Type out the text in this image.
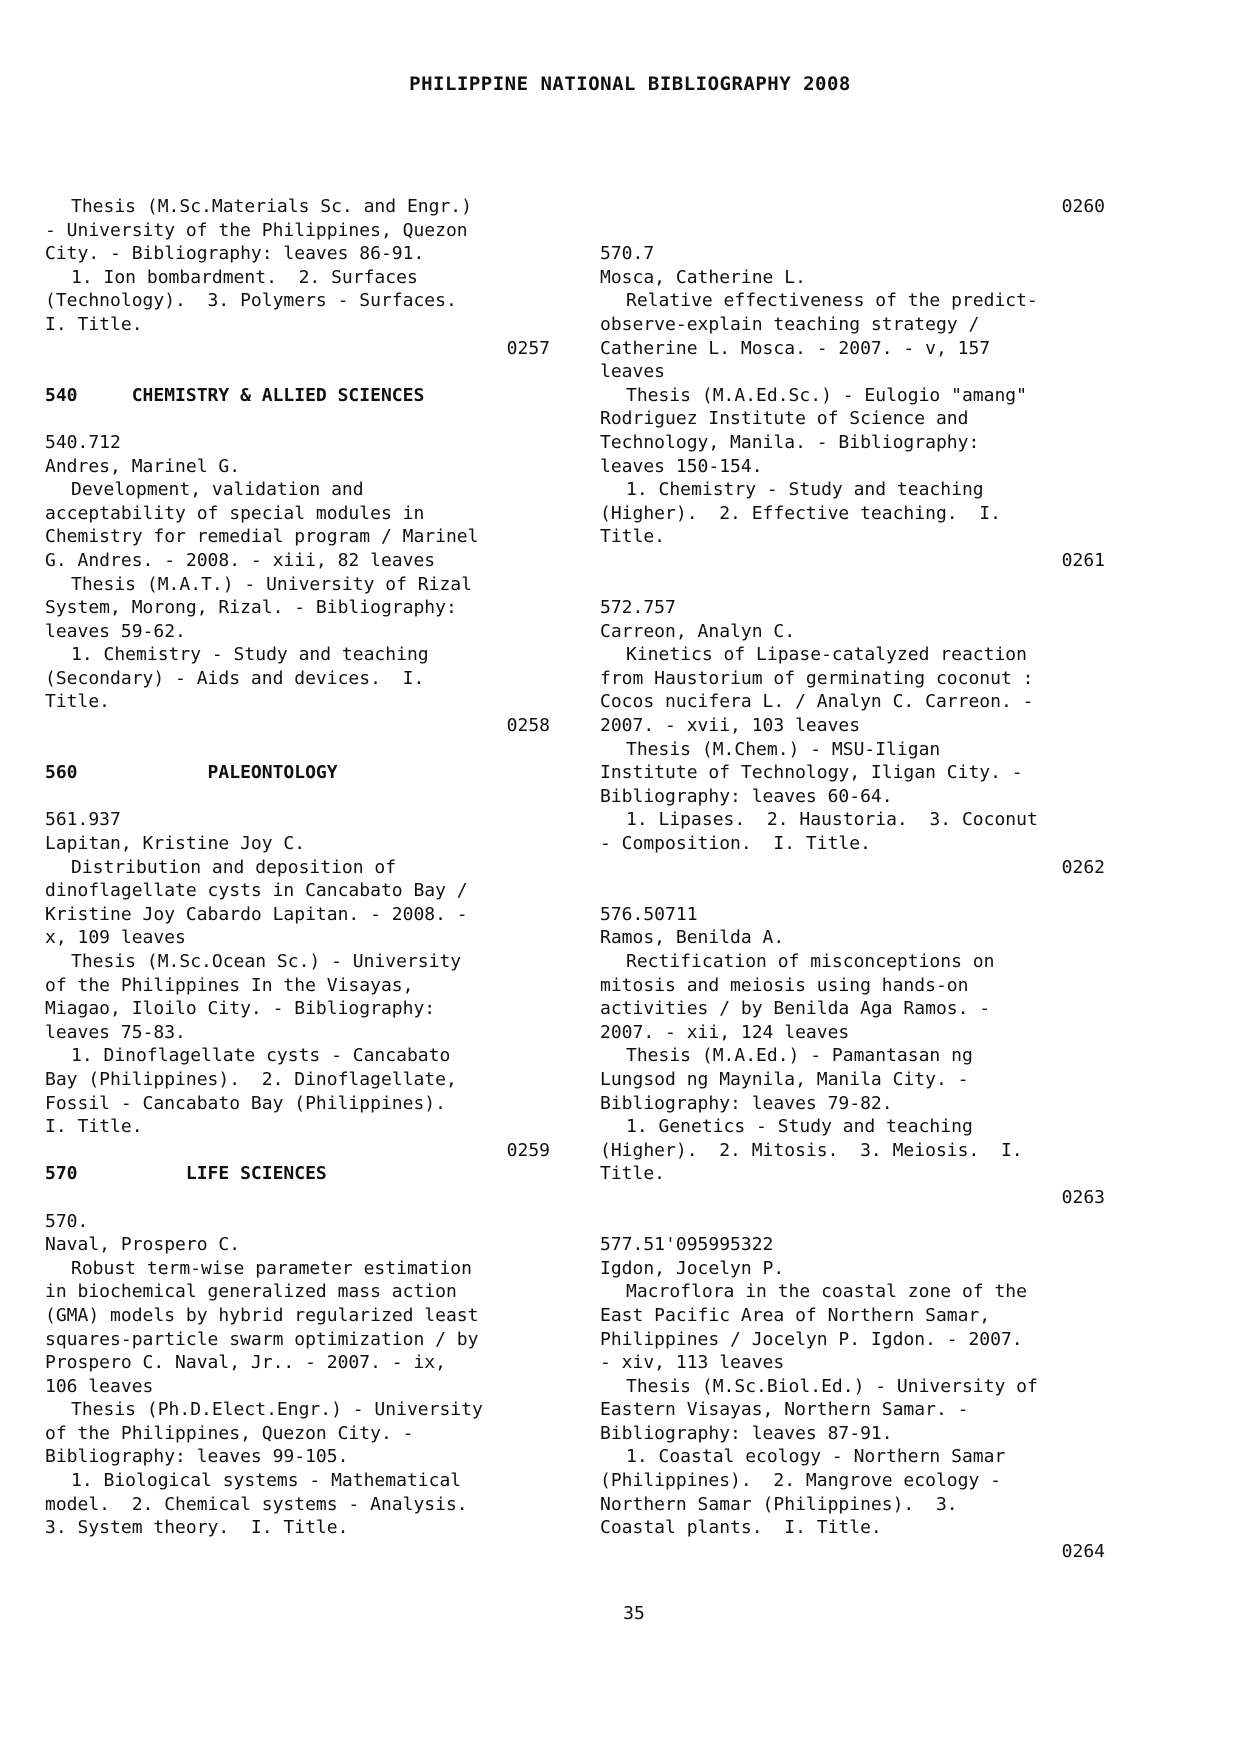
PHILIPPINE NATIONAL BIBLIOGRAPHY 2008
Thesis (M.Sc.Materials Sc. and Engr.)
- University of the Philippines, Quezon
City. - Bibliography: leaves 86-91.
1. Ion bombardment.  2. Surfaces
(Technology).  3. Polymers - Surfaces.
I. Title.
0257
540     CHEMISTRY & ALLIED SCIENCES
540.712
Andres, Marinel G.
Development, validation and
acceptability of special modules in
Chemistry for remedial program / Marinel
G. Andres. - 2008. - xiii, 82 leaves
Thesis (M.A.T.) - University of Rizal
System, Morong, Rizal. - Bibliography:
leaves 59-62.
1. Chemistry - Study and teaching
(Secondary) - Aids and devices.  I.
Title.
0258
560            PALEONTOLOGY
561.937
Lapitan, Kristine Joy C.
Distribution and deposition of
dinoflagellate cysts in Cancabato Bay /
Kristine Joy Cabardo Lapitan. - 2008. -
x, 109 leaves
Thesis (M.Sc.Ocean Sc.) - University
of the Philippines In the Visayas,
Miagao, Iloilo City. - Bibliography:
leaves 75-83.
1. Dinoflagellate cysts - Cancabato
Bay (Philippines).  2. Dinoflagellate,
Fossil - Cancabato Bay (Philippines).
I. Title.
0259
570          LIFE SCIENCES
570.
Naval, Prospero C.
Robust term-wise parameter estimation
in biochemical generalized mass action
(GMA) models by hybrid regularized least
squares-particle swarm optimization / by
Prospero C. Naval, Jr.. - 2007. - ix,
106 leaves
Thesis (Ph.D.Elect.Engr.) - University
of the Philippines, Quezon City. -
Bibliography: leaves 99-105.
1. Biological systems - Mathematical
model.  2. Chemical systems - Analysis.
3. System theory.  I. Title.
0260
570.7
Mosca, Catherine L.
Relative effectiveness of the predict-
observe-explain teaching strategy /
Catherine L. Mosca. - 2007. - v, 157
leaves
Thesis (M.A.Ed.Sc.) - Eulogio "amang"
Rodriguez Institute of Science and
Technology, Manila. - Bibliography:
leaves 150-154.
1. Chemistry - Study and teaching
(Higher).  2. Effective teaching.  I.
Title.
0261
572.757
Carreon, Analyn C.
Kinetics of Lipase-catalyzed reaction
from Haustorium of germinating coconut :
Cocos nucifera L. / Analyn C. Carreon. -
2007. - xvii, 103 leaves
Thesis (M.Chem.) - MSU-Iligan
Institute of Technology, Iligan City. -
Bibliography: leaves 60-64.
1. Lipases.  2. Haustoria.  3. Coconut
- Composition.  I. Title.
0262
576.50711
Ramos, Benilda A.
Rectification of misconceptions on
mitosis and meiosis using hands-on
activities / by Benilda Aga Ramos. -
2007. - xii, 124 leaves
Thesis (M.A.Ed.) - Pamantasan ng
Lungsod ng Maynila, Manila City. -
Bibliography: leaves 79-82.
1. Genetics - Study and teaching
(Higher).  2. Mitosis.  3. Meiosis.  I.
Title.
0263
577.51'095995322
Igdon, Jocelyn P.
Macroflora in the coastal zone of the
East Pacific Area of Northern Samar,
Philippines / Jocelyn P. Igdon. - 2007.
- xiv, 113 leaves
Thesis (M.Sc.Biol.Ed.) - University of
Eastern Visayas, Northern Samar. -
Bibliography: leaves 87-91.
1. Coastal ecology - Northern Samar
(Philippines).  2. Mangrove ecology -
Northern Samar (Philippines).  3.
Coastal plants.  I. Title.
0264
35
